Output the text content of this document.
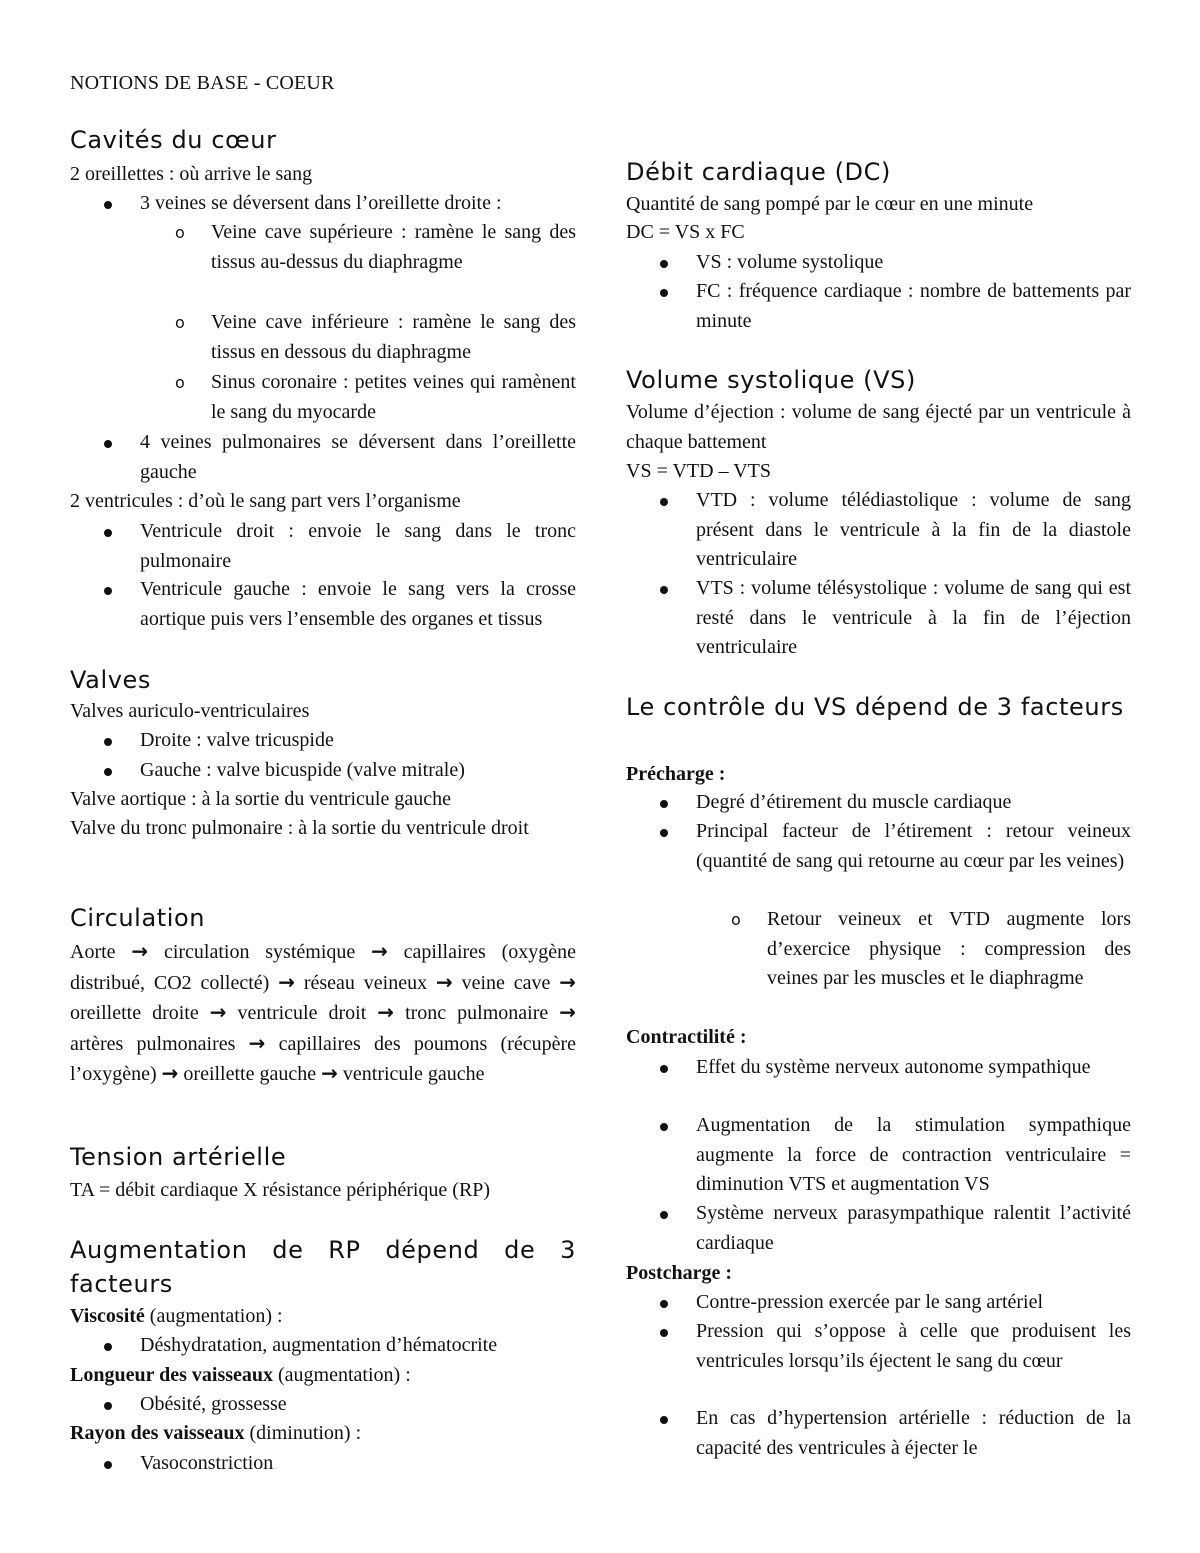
NOTIONS DE BASE - COEUR
Cavités du cœur
2 oreillettes : où arrive le sang
3 veines se déversent dans l’oreillette droite :
o Veine cave supérieure : ramène le sang des tissus au-dessus du diaphragme
o Veine cave inférieure : ramène le sang des tissus en dessous du diaphragme
o Sinus coronaire : petites veines qui ramènent le sang du myocarde
4 veines pulmonaires se déversent dans l’oreillette gauche
2 ventricules : d’où le sang part vers l’organisme
Ventricule droit : envoie le sang dans le tronc pulmonaire
Ventricule gauche : envoie le sang vers la crosse aortique puis vers l’ensemble des organes et tissus
Valves
Valves auriculo-ventriculaires
Droite : valve tricuspide
Gauche : valve bicuspide (valve mitrale)
Valve aortique : à la sortie du ventricule gauche
Valve du tronc pulmonaire : à la sortie du ventricule droit
Circulation
Aorte → circulation systémique → capillaires (oxygène distribué, CO2 collecté) → réseau veineux → veine cave → oreillette droite → ventricule droit → tronc pulmonaire → artères pulmonaires → capillaires des poumons (récupère l’oxygène) → oreillette gauche → ventricule gauche
Tension artérielle
TA = débit cardiaque X résistance périphérique (RP)
Augmentation de RP dépend de 3 facteurs
Viscosité (augmentation) :
Déshydratation, augmentation d’hématocrite
Longueur des vaisseaux (augmentation) :
Obésité, grossesse
Rayon des vaisseaux (diminution) :
Vasoconstriction
Débit cardiaque (DC)
Quantité de sang pompé par le cœur en une minute
DC = VS x FC
VS : volume systolique
FC : fréquence cardiaque : nombre de battements par minute
Volume systolique (VS)
Volume d’éjection : volume de sang éjecté par un ventricule à chaque battement
VS = VTD – VTS
VTD : volume télédiastolique : volume de sang présent dans le ventricule à la fin de la diastole ventriculaire
VTS : volume télésystolique : volume de sang qui est resté dans le ventricule à la fin de l’éjection ventriculaire
Le contrôle du VS dépend de 3 facteurs
Précharge :
Degré d’étirement du muscle cardiaque
Principal facteur de l’étirement : retour veineux (quantité de sang qui retourne au cœur par les veines)
o Retour veineux et VTD augmente lors d’exercice physique : compression des veines par les muscles et le diaphragme
Contractilité :
Effet du système nerveux autonome sympathique
Augmentation de la stimulation sympathique augmente la force de contraction ventriculaire = diminution VTS et augmentation VS
Système nerveux parasympathique ralentit l’activité cardiaque
Postcharge :
Contre-pression exercée par le sang artériel
Pression qui s’oppose à celle que produisent les ventricules lorsqu’ils éjectent le sang du cœur
En cas d’hypertension artérielle : réduction de la capacité des ventricules à éjecter le
